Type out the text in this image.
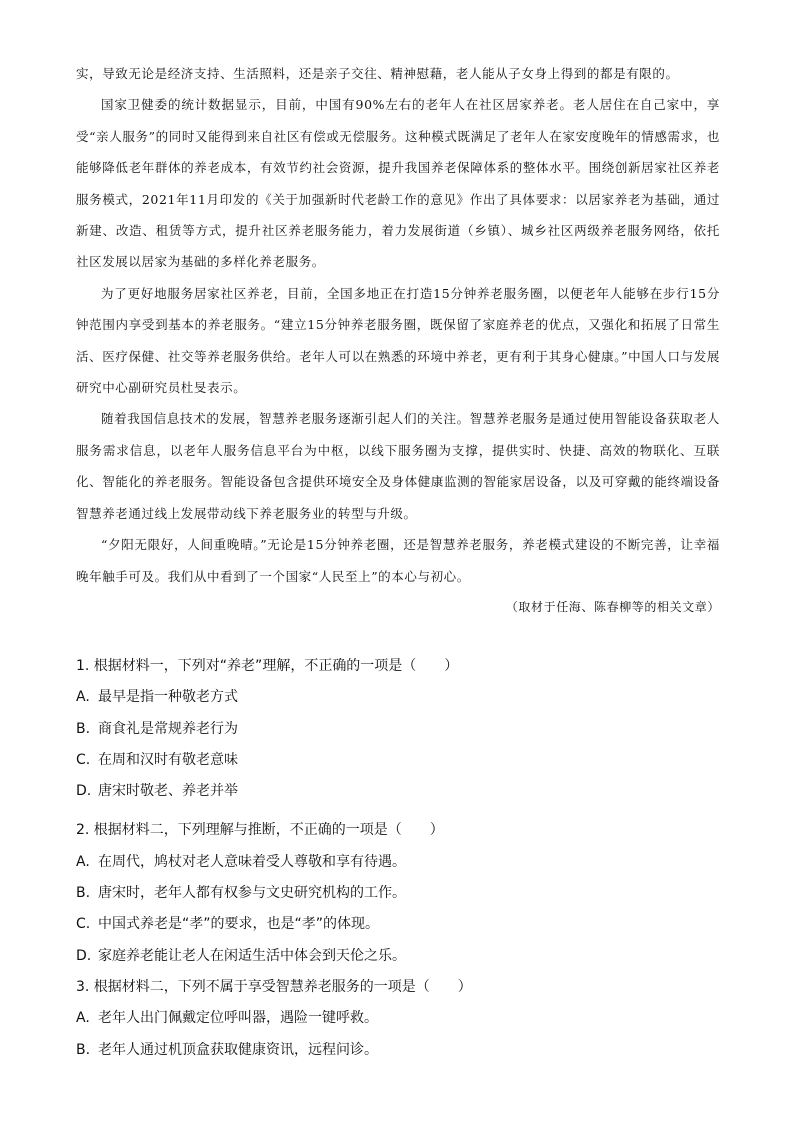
实，导致无论是经济支持、生活照料，还是亲子交往、精神慰藉，老人能从子女身上得到的都是有限的。

国家卫健委的统计数据显示，目前，中国有90%左右的老年人在社区居家养老。老人居住在自己家中，享受“亲人服务”的同时又能得到来自社区有偿或无偿服务。这种模式既满足了老年人在家安度晚年的情感需求，也能够降低老年群体的养老成本，有效节约社会资源，提升我国养老保障体系的整体水平。围绕创新居家社区养老服务模式，2021年11月印发的《关于加强新时代老龄工作的意见》作出了具体要求：以居家养老为基础，通过新建、改造、租赁等方式，提升社区养老服务能力，着力发展街道（乡镇）、城乡社区两级养老服务网络，依托社区发展以居家为基础的多样化养老服务。

为了更好地服务居家社区养老，目前，全国多地正在打造15分钟养老服务圈，以便老年人能够在步行15分钟范围内享受到基本的养老服务。“建立15分钟养老服务圈，既保留了家庭养老的优点，又强化和拓展了日常生活、医疗保健、社交等养老服务供给。老年人可以在熟悉的环境中养老，更有利于其身心健康。”中国人口与发展研究中心副研究员杜旻表示。

随着我国信息技术的发展，智慧养老服务逐渐引起人们的关注。智慧养老服务是通过使用智能设备获取老人服务需求信息，以老年人服务信息平台为中枢，以线下服务圈为支撑，提供实时、快捷、高效的物联化、互联化、智能化的养老服务。智能设备包含提供环境安全及身体健康监测的智能家居设备，以及可穿戴的能终端设备智慧养老通过线上发展带动线下养老服务业的转型与升级。

“夕阳无限好，人间重晚晴。”无论是15分钟养老圈，还是智慧养老服务，养老模式建设的不断完善，让幸福晚年触手可及。我们从中看到了一个国家“人民至上”的本心与初心。

（取材于任海、陈春柳等的相关文章）

1. 根据材料一，下列对“养老”理解，不正确的一项是（　　）

A. 最早是指一种敬老方式

B. 商食礼是常规养老行为

C. 在周和汉时有敬老意味

D. 唐宋时敬老、养老并举

2. 根据材料二，下列理解与推断，不正确的一项是（　　）

A. 在周代，鸠杖对老人意味着受人尊敬和享有待遇。

B. 唐宋时，老年人都有权参与文史研究机构的工作。

C. 中国式养老是“孝”的要求，也是“孝”的体现。

D. 家庭养老能让老人在闲适生活中体会到天伦之乐。

3. 根据材料二，下列不属于享受智慧养老服务的一项是（　　）

A. 老年人出门佩戴定位呼叫器，遇险一键呼救。

B. 老年人通过机顶盒获取健康资讯，远程问诊。
